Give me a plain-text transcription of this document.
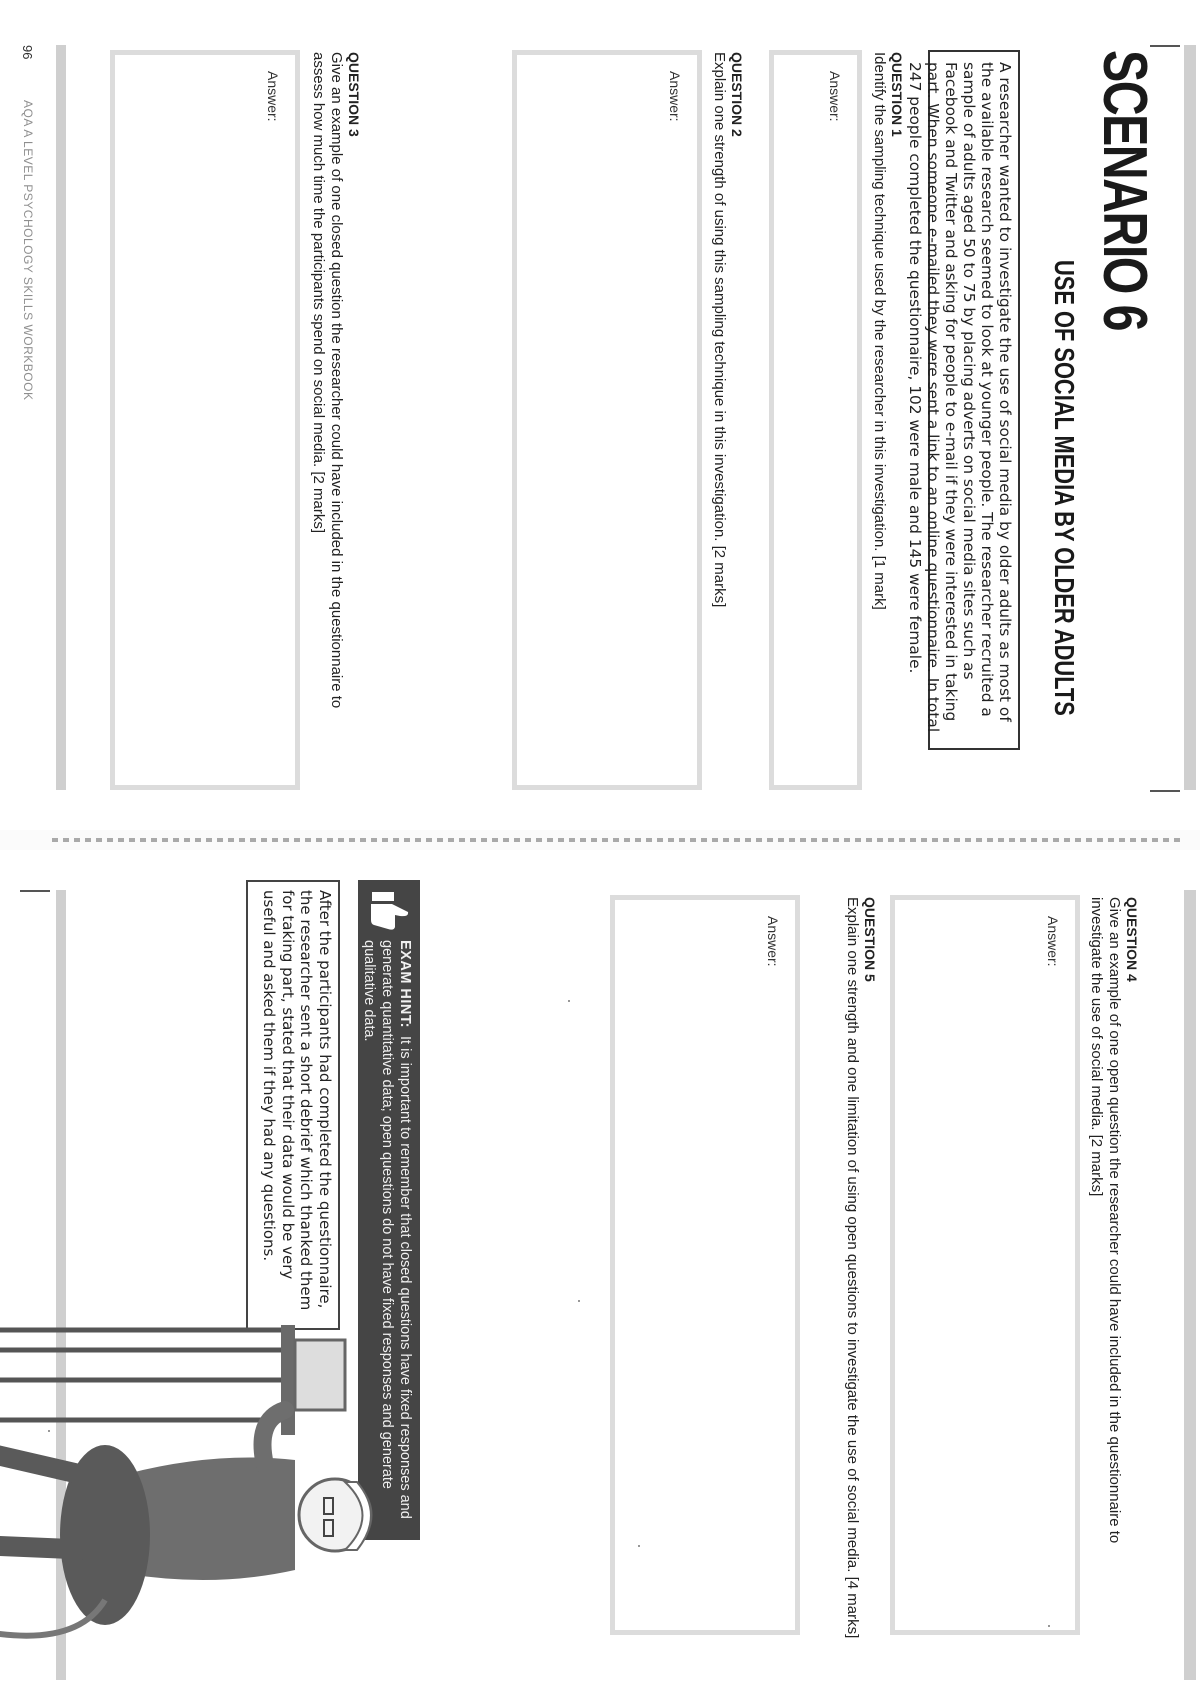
SCENARIO 6
USE OF SOCIAL MEDIA BY OLDER ADULTS
A researcher wanted to investigate the use of social media by older adults as most of the available research seemed to look at younger people. The researcher recruited a sample of adults aged 50 to 75 by placing adverts on social media sites such as Facebook and Twitter and asking for people to e-mail if they were interested in taking part. When someone e-mailed they were sent a link to an online questionnaire. In total 247 people completed the questionnaire, 102 were male and 145 were female.
QUESTION 1
Identify the sampling technique used by the researcher in this investigation. [1 mark]
Answer:
QUESTION 2
Explain one strength of using this sampling technique in this investigation. [2 marks]
Answer:
QUESTION 3
Give an example of one closed question the researcher could have included in the questionnaire to assess how much time the participants spend on social media. [2 marks]
Answer:
96
AQA A LEVEL PSYCHOLOGY SKILLS WORKBOOK
QUESTION 4
Give an example of one open question the researcher could have included in the questionnaire to investigate the use of social media. [2 marks]
Answer:
QUESTION 5
Explain one strength and one limitation of using open questions to investigate the use of social media. [4 marks]
Answer:
EXAM HINT: It is important to remember that closed questions have fixed responses and generate quantitative data; open questions do not have fixed responses and generate qualitative data.
After the participants had completed the questionnaire, the researcher sent a short debrief which thanked them for taking part, stated that their data would be very useful and asked them if they had any questions.
